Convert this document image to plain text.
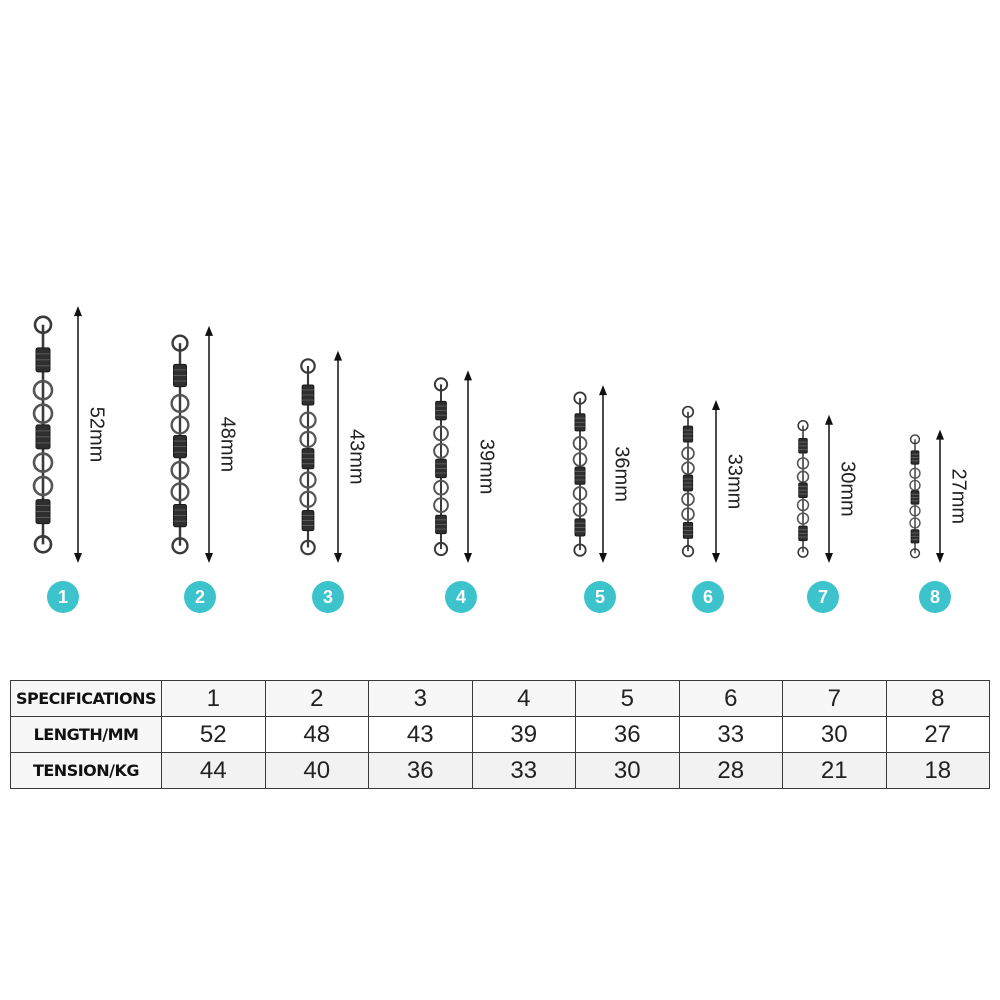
52mm
1
48mm
2
43mm
3
39mm
4
36mm
5
33mm
6
30mm
7
27mm
8
SPECIFICATIONS	1	2	3	4	5	6	7	8
LENGTH/MM	52	48	43	39	36	33	30	27
TENSION/KG	44	40	36	33	30	28	21	18
